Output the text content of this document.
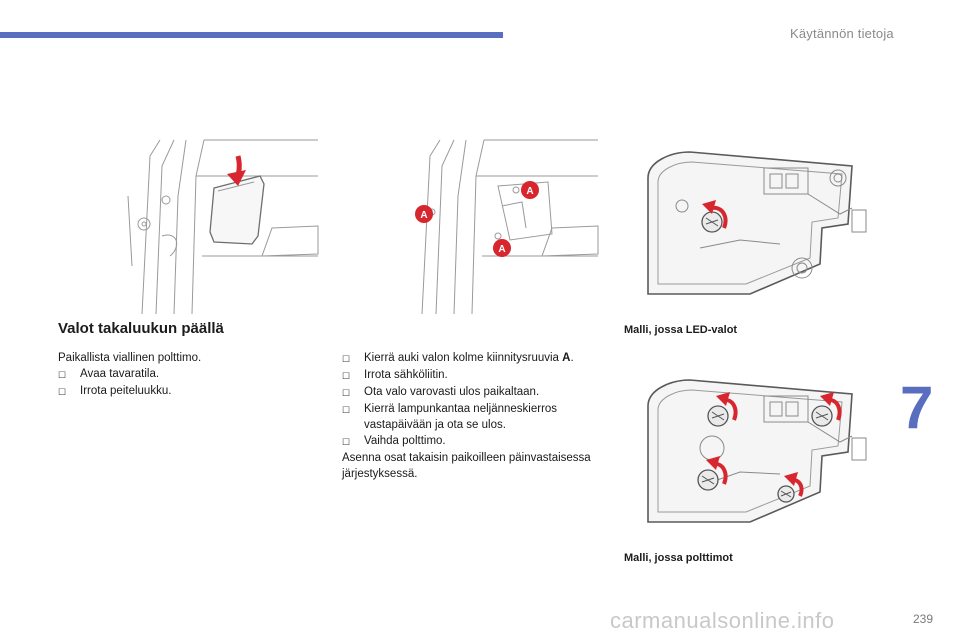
Käytännön tietoja
A
A
A
Valot takaluukun päällä
Paikallista viallinen polttimo.
☐	Avaa tavaratila.
☐	Irrota peiteluukku.
☐	Kierrä auki valon kolme kiinnitysruuvia A.
☐	Irrota sähköliitin.
☐	Ota valo varovasti ulos paikaltaan.
☐	Kierrä lampunkantaa neljänneskierros vastapäivään ja ota se ulos.
☐	Vaihda polttimo.
Asenna osat takaisin paikoilleen päinvastaisessa järjestyksessä.
Malli, jossa LED-valot
Malli, jossa polttimot
7
carmanualsonline.info	239
